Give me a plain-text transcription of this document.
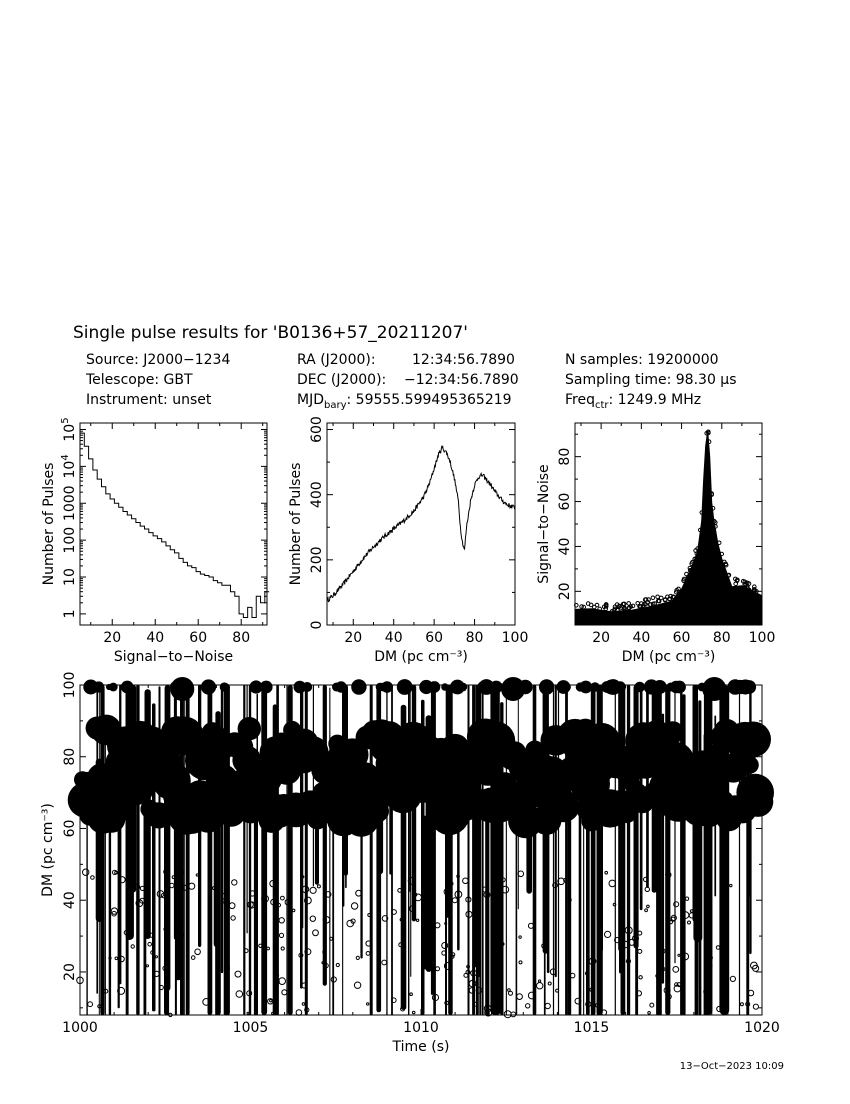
Single pulse results for 'B0136+57_20211207'
Source: J2000−1234
Telescope: GBT
Instrument: unset
RA (J2000):	12:34:56.7890
DEC (J2000): −12:34:56.7890
$MJD_{bary}$: 59555.599495365219
N samples: 19200000
Sampling time: 98.30 µs
Freq$_{ctr}$: 1249.9 MHz
20 40 60 80
1
10
100
1000
$10^4$
$10^5$
Signal−to−Noise
Number of Pulses
20 40 60 80 100
0
200
400
600
DM (pc cm⁻³)
Number of Pulses
20 40 60 80 100
20
40
60
80
DM (pc cm⁻³)
Signal−to−Noise
1000	1005	1010	1015	1020
20
40
60
80
100
Time (s)
DM (pc cm⁻³)
13−Oct−2023 10:09
